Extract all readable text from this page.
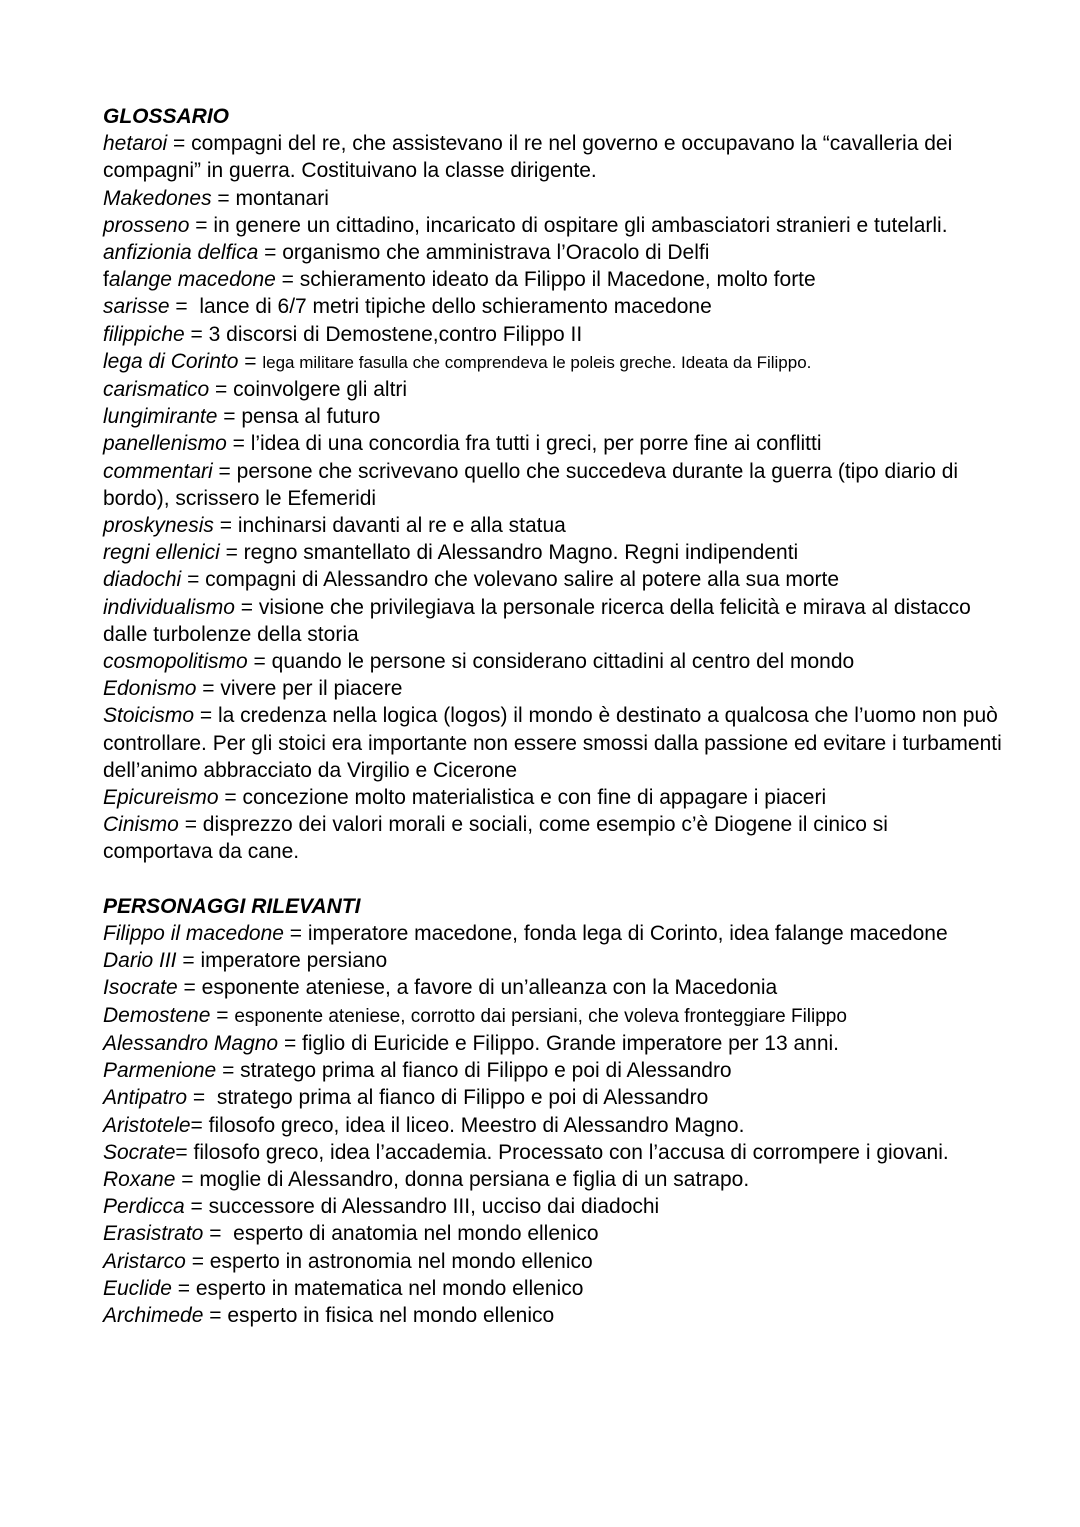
GLOSSARIO

hetaroi = compagni del re, che assistevano il re nel governo e occupavano la “cavalleria dei compagni” in guerra. Costituivano la classe dirigente.

Makedones = montanari

prosseno = in genere un cittadino, incaricato di ospitare gli ambasciatori stranieri e tutelarli.

anfizionia delfica = organismo che amministrava l’Oracolo di Delfi

falange macedone = schieramento ideato da Filippo il Macedone, molto forte

sarisse =  lance di 6/7 metri tipiche dello schieramento macedone

filippiche = 3 discorsi di Demostene,contro Filippo II

lega di Corinto = lega militare fasulla che comprendeva le poleis greche. Ideata da Filippo.

carismatico = coinvolgere gli altri

lungimirante = pensa al futuro

panellenismo = l’idea di una concordia fra tutti i greci, per porre fine ai conflitti

commentari = persone che scrivevano quello che succedeva durante la guerra (tipo diario di bordo), scrissero le Efemeridi

proskynesis = inchinarsi davanti al re e alla statua

regni ellenici = regno smantellato di Alessandro Magno. Regni indipendenti

diadochi = compagni di Alessandro che volevano salire al potere alla sua morte

individualismo = visione che privilegiava la personale ricerca della felicità e mirava al distacco dalle turbolenze della storia

cosmopolitismo = quando le persone si considerano cittadini al centro del mondo

Edonismo = vivere per il piacere

Stoicismo = la credenza nella logica (logos) il mondo è destinato a qualcosa che l’uomo non può controllare. Per gli stoici era importante non essere smossi dalla passione ed evitare i turbamenti dell’animo abbracciato da Virgilio e Cicerone

Epicureismo = concezione molto materialistica e con fine di appagare i piaceri

Cinismo = disprezzo dei valori morali e sociali, come esempio c’è Diogene il cinico si comportava da cane.

PERSONAGGI RILEVANTI

Filippo il macedone = imperatore macedone, fonda lega di Corinto, idea falange macedone

Dario III = imperatore persiano

Isocrate = esponente ateniese, a favore di un’alleanza con la Macedonia

Demostene = esponente ateniese, corrotto dai persiani, che voleva fronteggiare Filippo

Alessandro Magno = figlio di Euricide e Filippo. Grande imperatore per 13 anni.

Parmenione = stratego prima al fianco di Filippo e poi di Alessandro

Antipatro =  stratego prima al fianco di Filippo e poi di Alessandro

Aristotele= filosofo greco, idea il liceo. Meestro di Alessandro Magno.

Socrate= filosofo greco, idea l’accademia. Processato con l’accusa di corrompere i giovani.

Roxane = moglie di Alessandro, donna persiana e figlia di un satrapo.

Perdicca = successore di Alessandro III, ucciso dai diadochi

Erasistrato =  esperto di anatomia nel mondo ellenico

Aristarco = esperto in astronomia nel mondo ellenico

Euclide = esperto in matematica nel mondo ellenico

Archimede = esperto in fisica nel mondo ellenico
